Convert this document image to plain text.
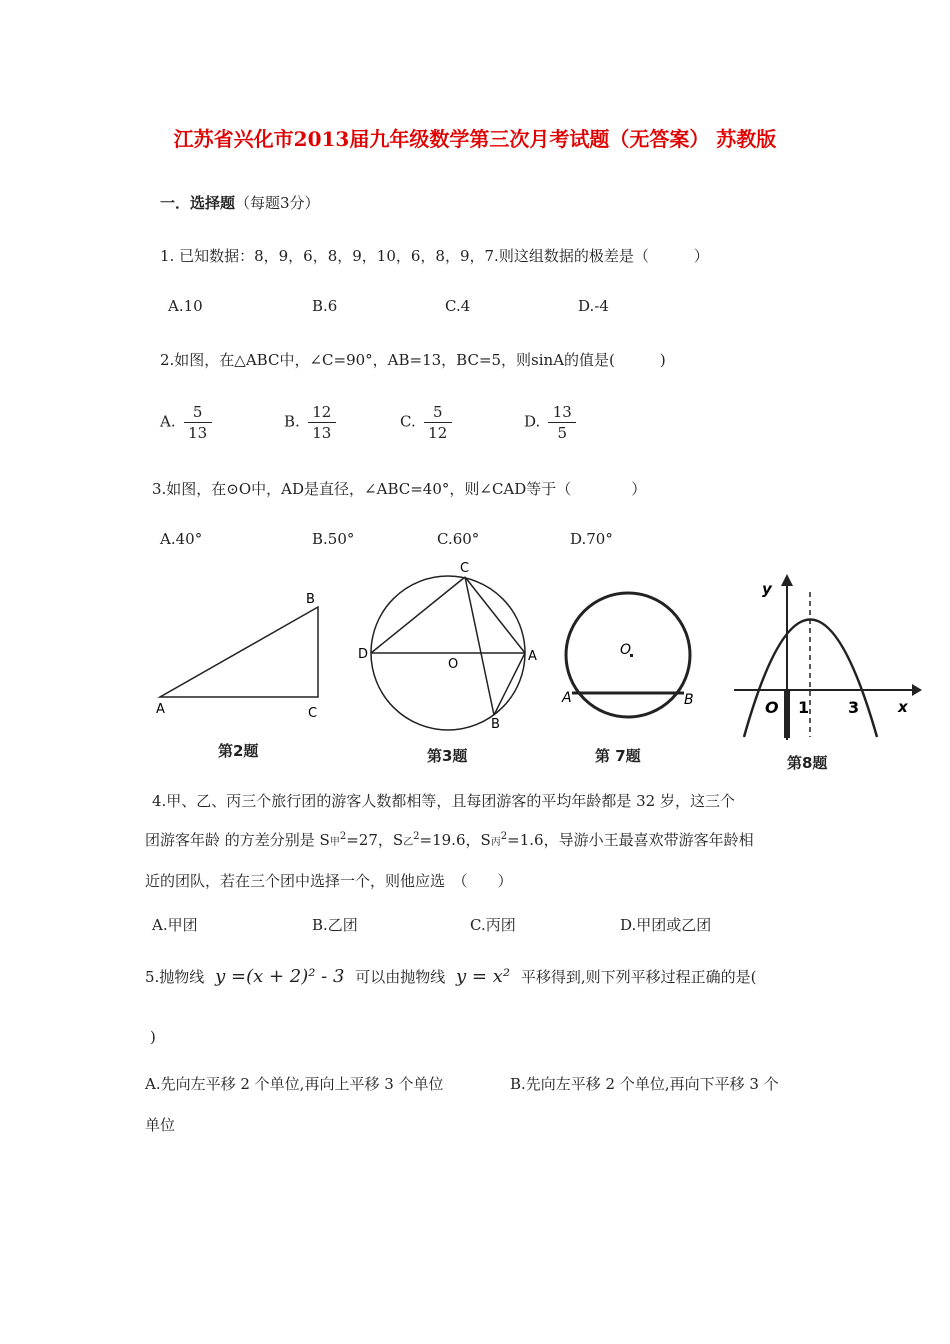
江苏省兴化市2013届九年级数学第三次月考试题（无答案） 苏教版
一．选择题（每题3分）
1. 已知数据：8，9，6，8，9，10，6，8，9，7.则这组数据的极差是（　　　）
A.10	B.6	C.4	D.-4
2.如图，在△ABC中，∠C=90°，AB=13，BC=5，则sinA的值是(　　　)
A. $\frac{5}{13}$	B. $\frac{12}{13}$	C. $\frac{5}{12}$	D. $\frac{13}{5}$
3.如图，在⊙O中，AD是直径，∠ABC=40°，则∠CAD等于（　　　　）
A.40°	B.50°	C.60°	D.70°
A
B
C
第2题
C
D
O
A
B
第3题
O
A	B
第 7题
y
O 1 3	x
第8题
4.甲、乙、丙三个旅行团的游客人数都相等，且每团游客的平均年龄都是 32 岁，这三个
团游客年龄 的方差分别是 S甲$^2$=27，S乙$^2$=19.6，S丙$^2$=1.6，导游小王最喜欢带游客年龄相
近的团队，若在三个团中选择一个，则他应选　（　　）
A.甲团	B.乙团	C.丙团	D.甲团或乙团
5.抛物线 y =(x + 2)² - 3 可以由抛物线 y = x² 平移得到,则下列平移过程正确的是(
)
A.先向左平移 2 个单位,再向上平移 3 个单位	B.先向左平移 2 个单位,再向下平移 3 个
单位
